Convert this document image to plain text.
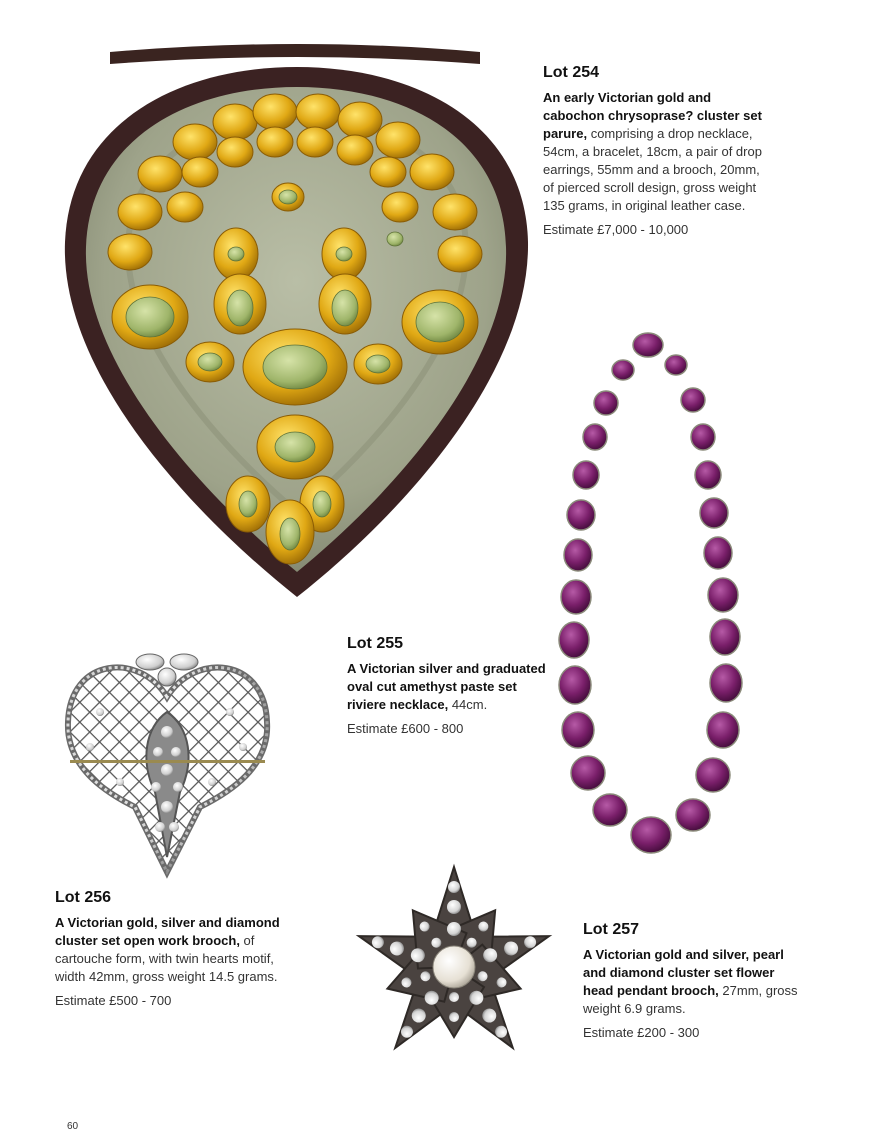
Lot 254

An early Victorian gold and cabochon chrysoprase? cluster set parure, comprising a drop necklace, 54cm, a bracelet, 18cm, a pair of drop earrings, 55mm and a brooch, 20mm, of pierced scroll design, gross weight 135 grams, in original leather case.

Estimate £7,000 - 10,000

Lot 255

A Victorian silver and graduated oval cut amethyst paste set riviere necklace, 44cm.

Estimate £600 - 800

Lot 256

A Victorian gold, silver and diamond cluster set open work brooch, of cartouche form, with twin hearts motif, width 42mm, gross weight 14.5 grams.

Estimate £500 - 700

Lot 257

A Victorian gold and silver, pearl and diamond cluster set flower head pendant brooch, 27mm, gross weight 6.9 grams.

Estimate £200 - 300
60
